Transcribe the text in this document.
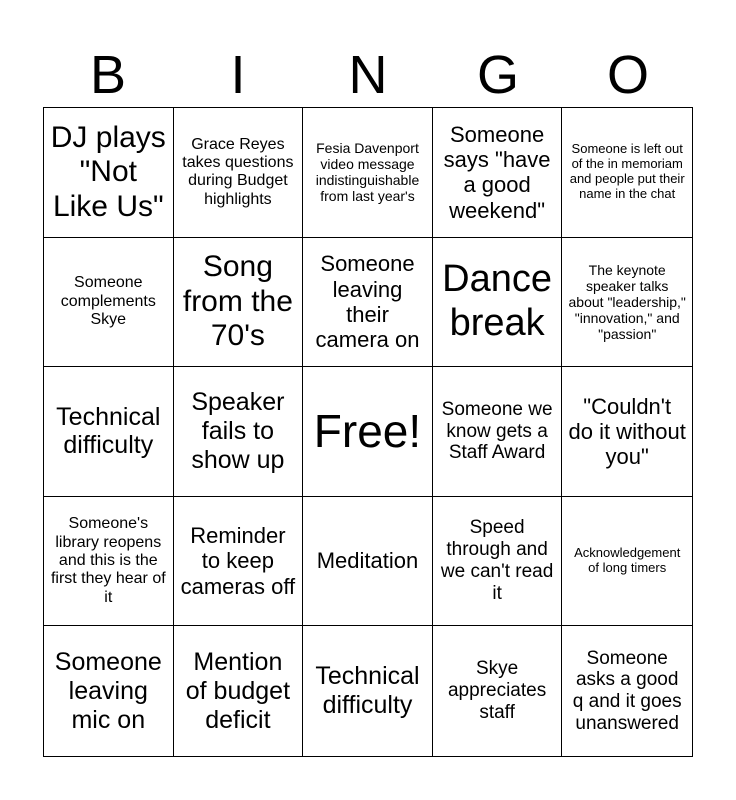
B	I	N	G	O
DJ plays "Not Like Us"
Grace Reyes takes questions during Budget highlights
Fesia Davenport video message indistinguishable from last year's
Someone says "have a good weekend"
Someone is left out of the in memoriam and people put their name in the chat
Someone complements Skye
Song from the 70's
Someone leaving their camera on
Dance break
The keynote speaker talks about "leadership," "innovation," and "passion"
Technical difficulty
Speaker fails to show up
Free! Someone we know gets a Staff Award
"Couldn't do it without you"
Someone's library reopens and this is the first they hear of it
Reminder to keep cameras off
Meditation
Speed through and we can't read it
Acknowledgement of long timers
Someone leaving mic on
Mention of budget deficit
Technical difficulty
Skye appreciates staff
Someone asks a good q and it goes unanswered
